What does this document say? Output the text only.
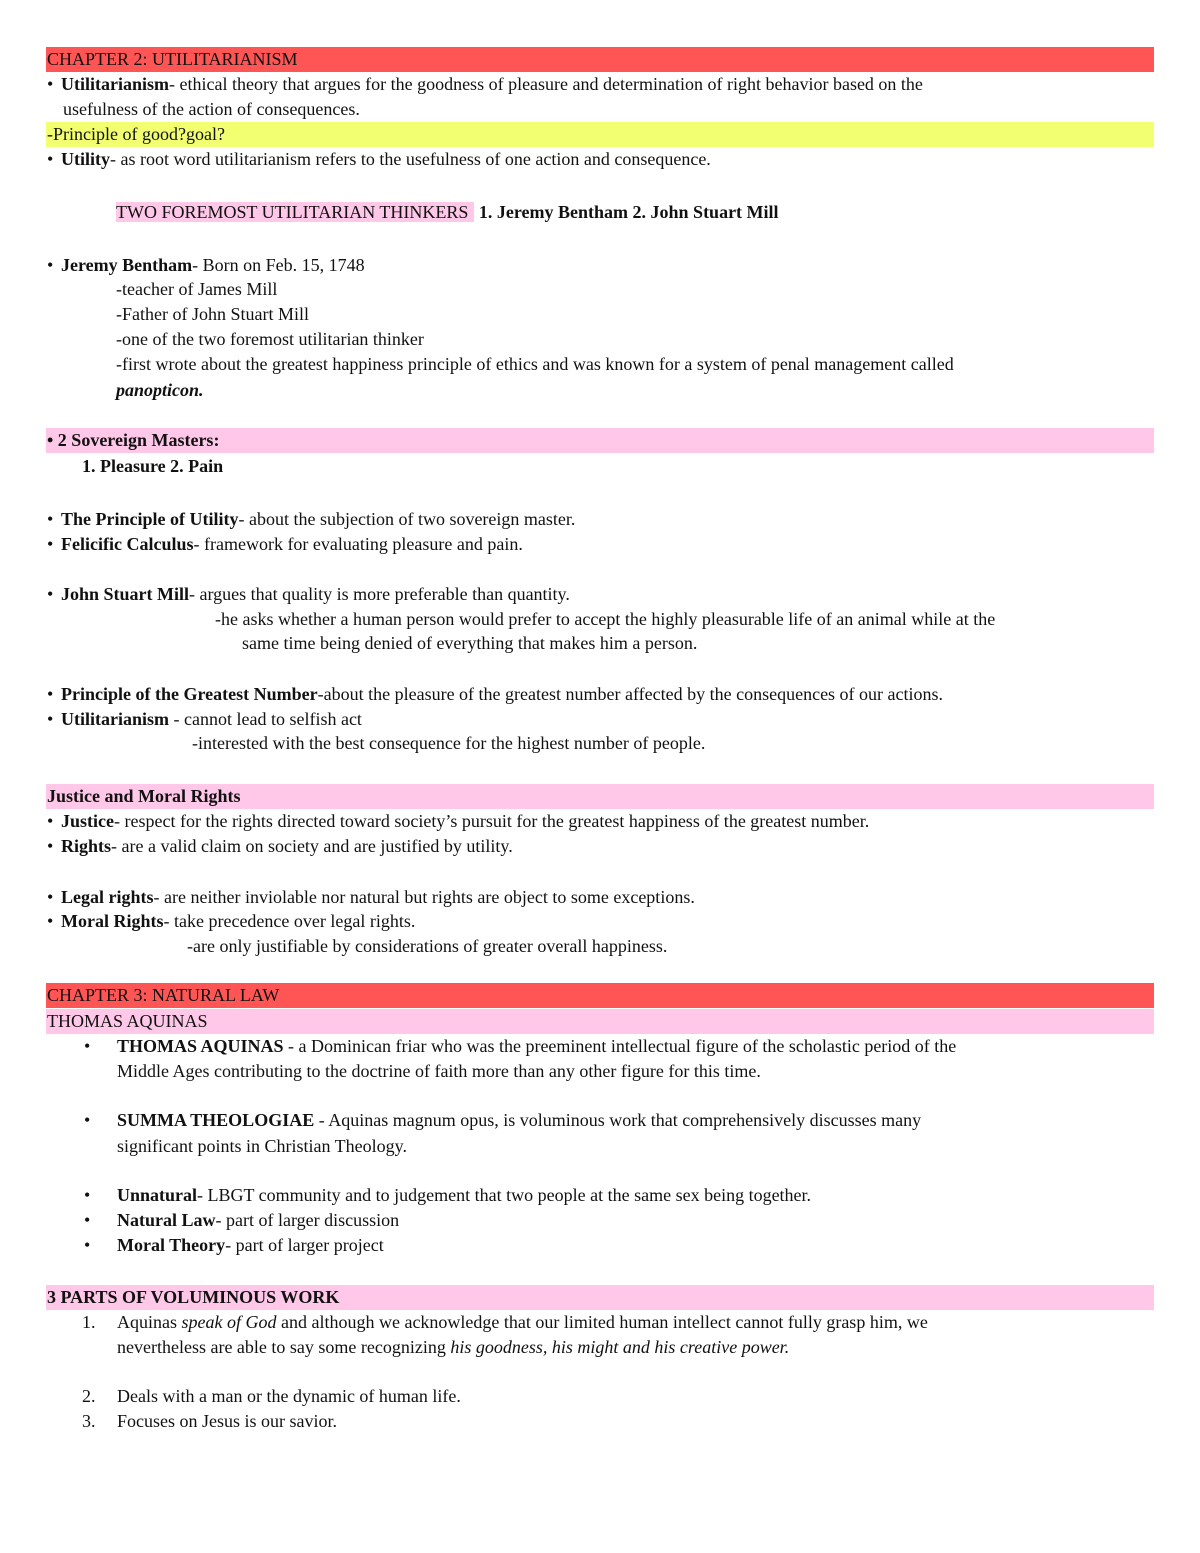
CHAPTER 2: UTILITARIANISM
• Utilitarianism- ethical theory that argues for the goodness of pleasure and determination of right behavior based on the
usefulness of the action of consequences.
-Principle of good?goal?
• Utility- as root word utilitarianism refers to the usefulness of one action and consequence.
TWO FOREMOST UTILITARIAN THINKERS 1. Jeremy Bentham 2. John Stuart Mill
• Jeremy Bentham- Born on Feb. 15, 1748
-teacher of James Mill
-Father of John Stuart Mill
-one of the two foremost utilitarian thinker
-first wrote about the greatest happiness principle of ethics and was known for a system of penal management called
panopticon.
• 2 Sovereign Masters:
1. Pleasure 2. Pain
• The Principle of Utility- about the subjection of two sovereign master.
• Felicific Calculus- framework for evaluating pleasure and pain.
• John Stuart Mill- argues that quality is more preferable than quantity.
-he asks whether a human person would prefer to accept the highly pleasurable life of an animal while at the
same time being denied of everything that makes him a person.
• Principle of the Greatest Number-about the pleasure of the greatest number affected by the consequences of our actions.
• Utilitarianism - cannot lead to selfish act
-interested with the best consequence for the highest number of people.
Justice and Moral Rights
• Justice- respect for the rights directed toward society’s pursuit for the greatest happiness of the greatest number.
• Rights- are a valid claim on society and are justified by utility.
• Legal rights- are neither inviolable nor natural but rights are object to some exceptions.
• Moral Rights- take precedence over legal rights.
-are only justifiable by considerations of greater overall happiness.
CHAPTER 3: NATURAL LAW
THOMAS AQUINAS
• THOMAS AQUINAS - a Dominican friar who was the preeminent intellectual figure of the scholastic period of the
Middle Ages contributing to the doctrine of faith more than any other figure for this time.
• SUMMA THEOLOGIAE - Aquinas magnum opus, is voluminous work that comprehensively discusses many
significant points in Christian Theology.
• Unnatural- LBGT community and to judgement that two people at the same sex being together.
• Natural Law- part of larger discussion
• Moral Theory- part of larger project
3 PARTS OF VOLUMINOUS WORK
1. Aquinas speak of God and although we acknowledge that our limited human intellect cannot fully grasp him, we
nevertheless are able to say some recognizing his goodness, his might and his creative power.
2. Deals with a man or the dynamic of human life.
3. Focuses on Jesus is our savior.
